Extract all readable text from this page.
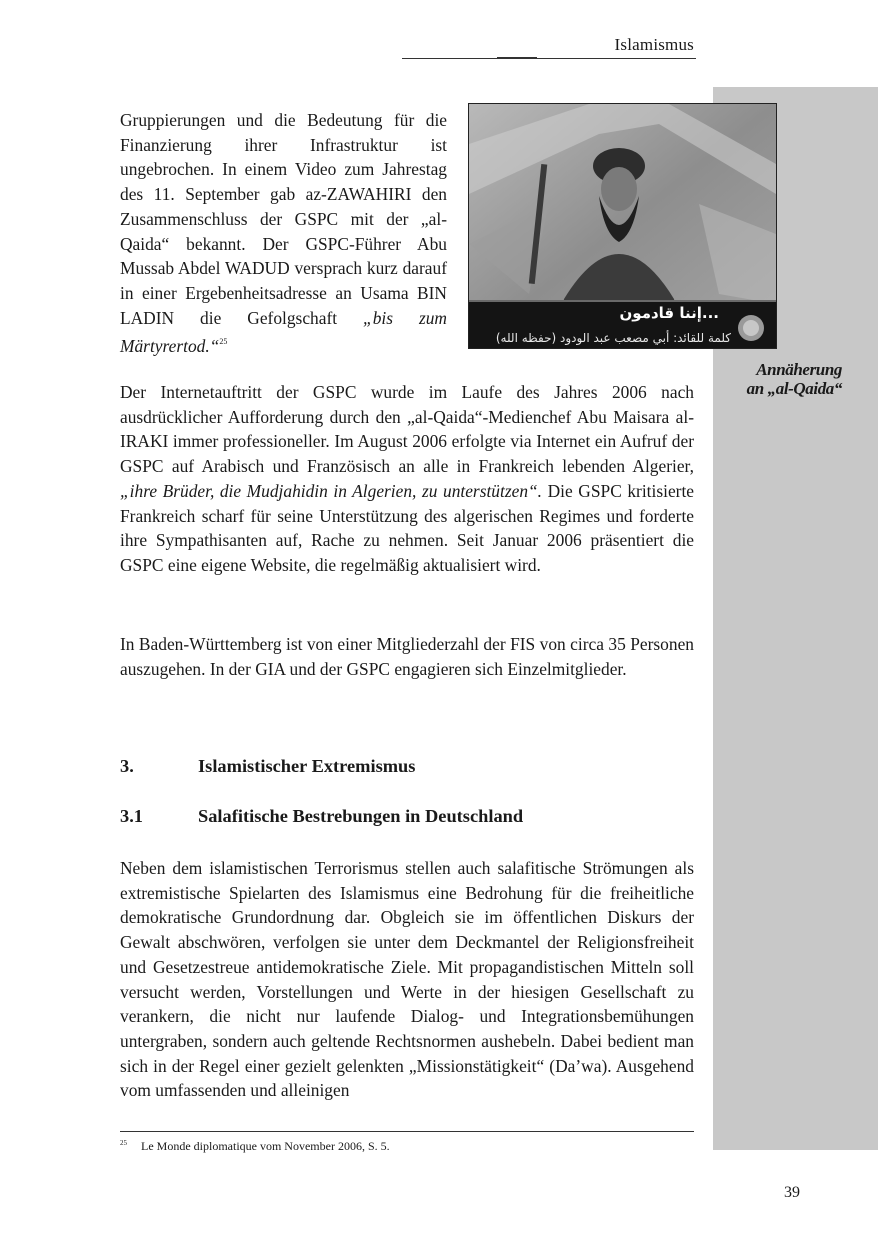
Annäherung
an „al-Qaida“
Islamismus

Gruppierungen und die Bedeutung für die Finanzierung ihrer Infrastruktur ist ungebrochen. In einem Video zum Jahrestag des 11. September gab az-ZAWAHIRI den Zusammenschluss der GSPC mit der „al-Qaida“ bekannt. Der GSPC-Führer Abu Mussab Abdel WADUD versprach kurz darauf in einer Ergebenheitsadresse an Usama BIN LADIN die Gefolgschaft „bis zum Märtyrertod.“$^{25}$

إننا قادمون...
كلمة للقائد: أبي مصعب عبد الودود (حفظه الله)

Der Internetauftritt der GSPC wurde im Laufe des Jahres 2006 nach ausdrücklicher Aufforderung durch den „al-Qaida“-Medienchef Abu Maisara al-IRAKI immer professioneller. Im August 2006 erfolgte via Internet ein Aufruf der GSPC auf Arabisch und Französisch an alle in Frankreich lebenden Algerier, „ihre Brüder, die Mudjahidin in Algerien, zu unterstützen“. Die GSPC kritisierte Frankreich scharf für seine Unterstützung des algerischen Regimes und forderte ihre Sympathisanten auf, Rache zu nehmen. Seit Januar 2006 präsentiert die GSPC eine eigene Website, die regelmäßig aktualisiert wird.

In Baden-Württemberg ist von einer Mitgliederzahl der FIS von circa 35 Personen auszugehen. In der GIA und der GSPC engagieren sich Einzelmitglieder.

3.	Islamistischer Extremismus
3.1	Salafitische Bestrebungen in Deutschland

Neben dem islamistischen Terrorismus stellen auch salafitische Strömungen als extremistische Spielarten des Islamismus eine Bedrohung für die freiheitliche demokratische Grundordnung dar. Obgleich sie im öffentlichen Diskurs der Gewalt abschwören, verfolgen sie unter dem Deckmantel der Religionsfreiheit und Gesetzestreue antidemokratische Ziele. Mit propagandistischen Mitteln soll versucht werden, Vorstellungen und Werte in der hiesigen Gesellschaft zu verankern, die nicht nur laufende Dialog- und Integrationsbemühungen untergraben, sondern auch geltende Rechtsnormen aushebeln. Dabei bedient man sich in der Regel einer gezielt gelenkten „Missionstätigkeit“ (Da’wa). Ausgehend vom umfassenden und alleinigen

$^{25}$ Le Monde diplomatique vom November 2006, S. 5.

39
